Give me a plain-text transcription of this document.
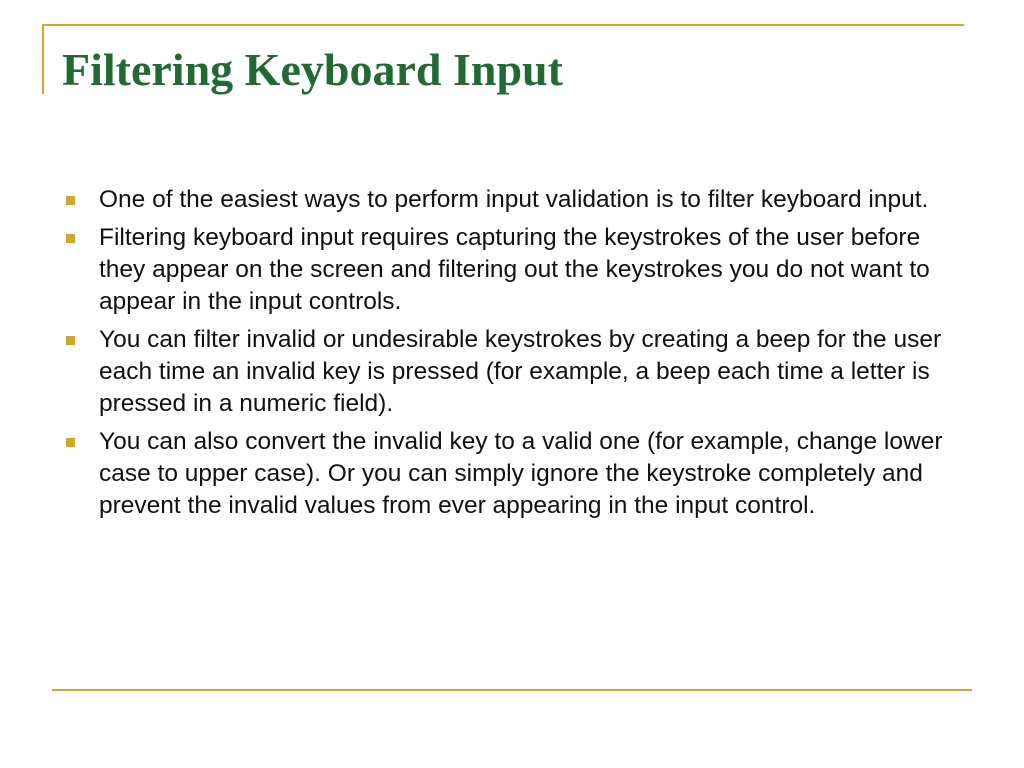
Filtering Keyboard Input
One of the easiest ways to perform input validation is to filter keyboard input.
Filtering keyboard input requires capturing the keystrokes of the user before they appear on the screen and filtering out the keystrokes you do not want to appear in the input controls.
You can filter invalid or undesirable keystrokes by creating a beep for the user each time an invalid key is pressed (for example, a beep each time a letter is pressed in a numeric field).
You can also convert the invalid key to a valid one (for example, change lower case to upper case). Or you can simply ignore the keystroke completely and prevent the invalid values from ever appearing in the input control.
